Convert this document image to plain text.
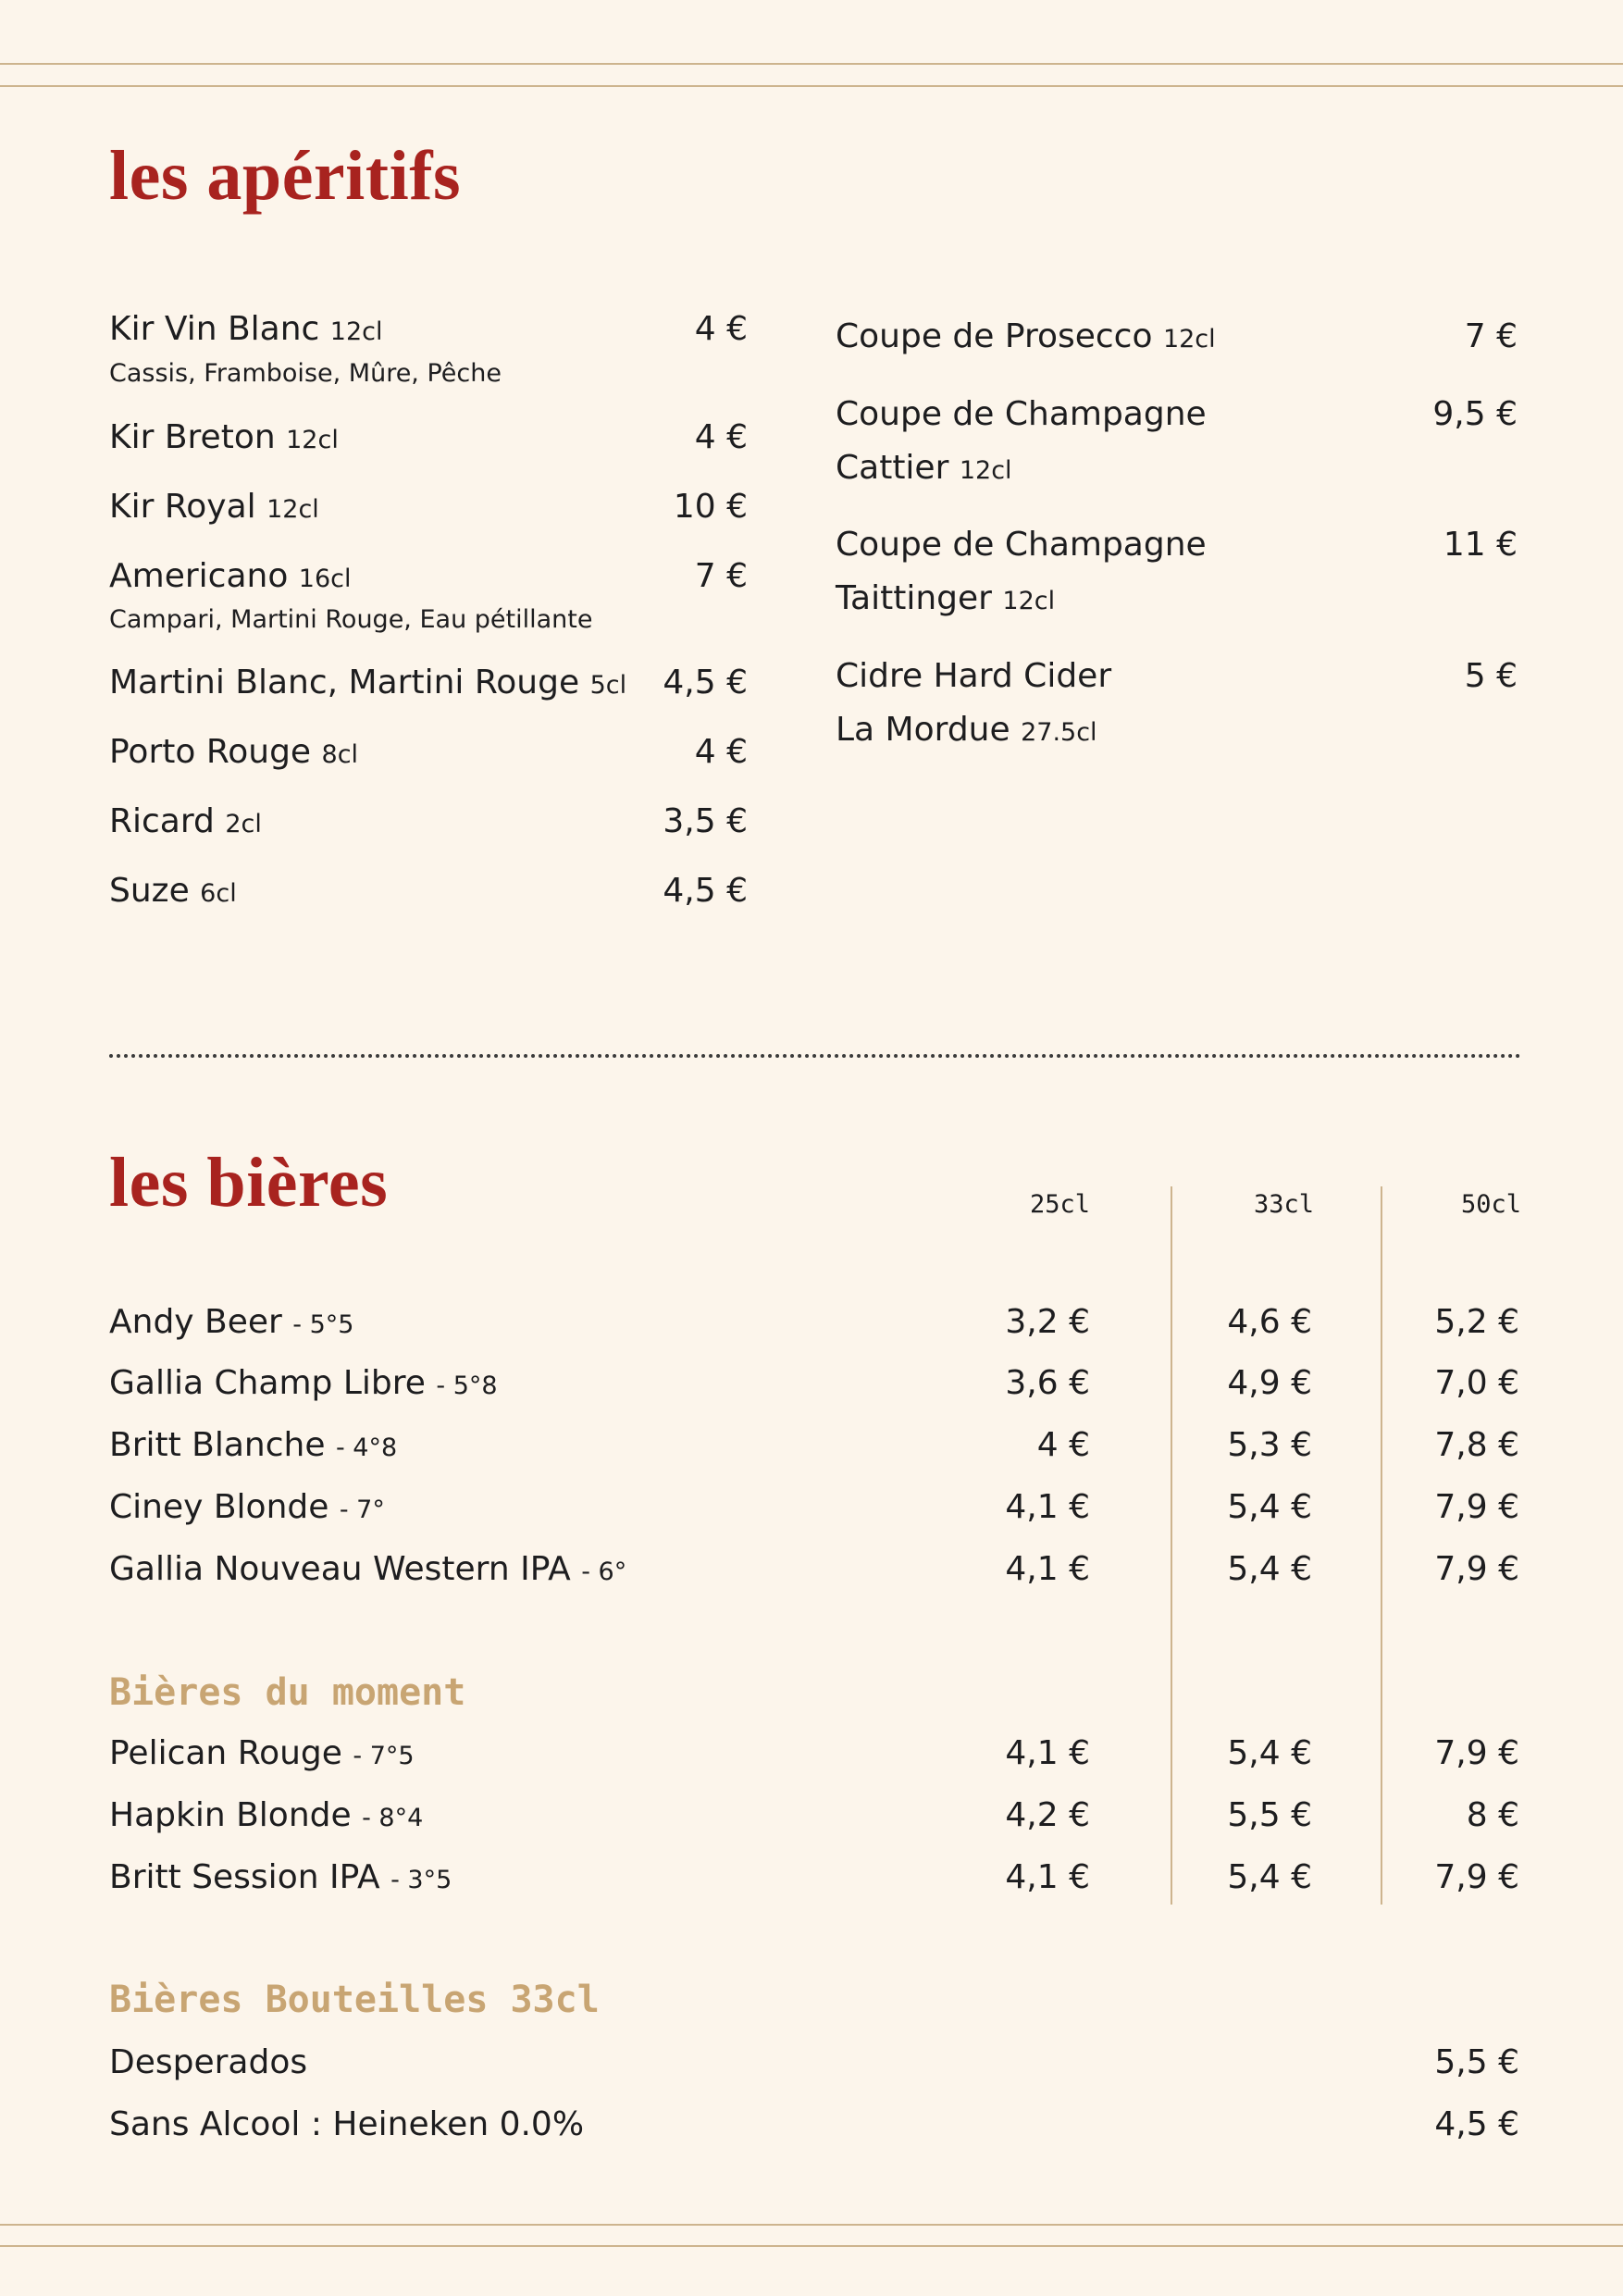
les apéritifs
Kir Vin Blanc 12cl	4 €
Cassis, Framboise, Mûre, Pêche
Kir Breton 12cl	4 €
Kir Royal 12cl	10 €
Americano 16cl	7 €
Campari, Martini Rouge, Eau pétillante
Martini Blanc, Martini Rouge 5cl 4,5 €
Porto Rouge 8cl	4 €
Ricard 2cl	3,5 €
Suze 6cl	4,5 €
Coupe de Prosecco 12cl	7 €
Coupe de Champagne	9,5 €
Cattier 12cl
Coupe de Champagne	11 €
Taittinger 12cl
Cidre Hard Cider	5 €
La Mordue 27.5cl
les bières	25cl	33cl	50cl
Andy Beer - 5°5	3,2 €	4,6 €	5,2 €
Gallia Champ Libre - 5°8	3,6 €	4,9 €	7,0 €
Britt Blanche - 4°8	4 €	5,3 €	7,8 €
Ciney Blonde - 7°	4,1 €	5,4 €	7,9 €
Gallia Nouveau Western IPA - 6°	4,1 €	5,4 €	7,9 €
Bières du moment
Pelican Rouge - 7°5	4,1 €	5,4 €	7,9 €
Hapkin Blonde - 8°4	4,2 €	5,5 €	8 €
Britt Session IPA - 3°5	4,1 €	5,4 €	7,9 €
Bières Bouteilles 33cl
Desperados	5,5 €
Sans Alcool : Heineken 0.0%	4,5 €
